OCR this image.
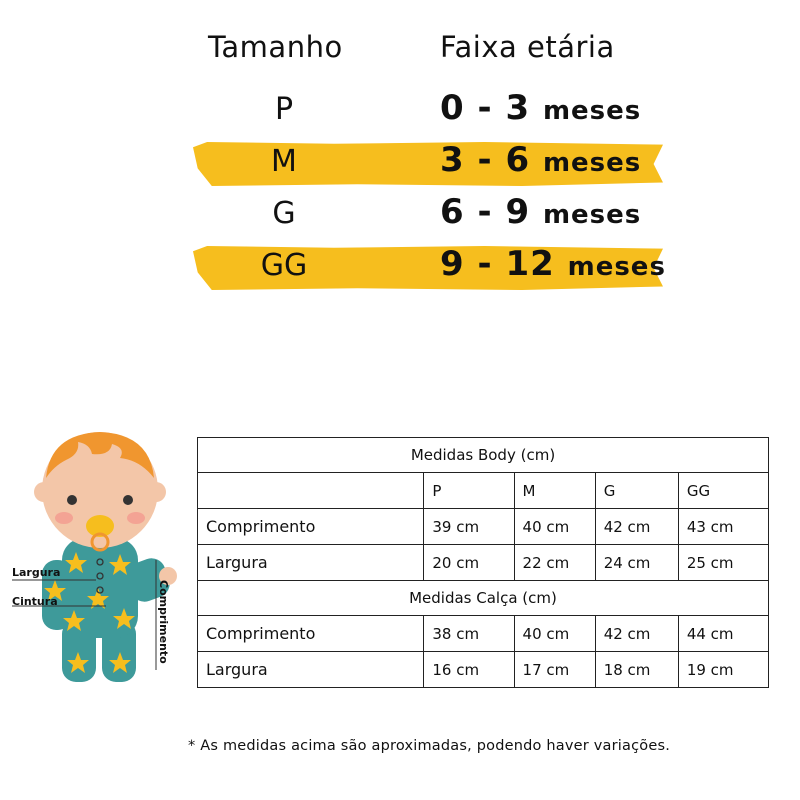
Tamanho	Faixa etária
P	0 - 3 meses
M	3 - 6 meses
G	6 - 9 meses
GG	9 - 12 meses
Largura
Cintura	Comprimento
Medidas Body (cm)				
	P	M	G	GG
Comprimento	39 cm	40 cm	42 cm	43 cm
Largura	20 cm	22 cm	24 cm	25 cm
Medidas Calça (cm)				
Comprimento	38 cm	40 cm	42 cm	44 cm
Largura	16 cm	17 cm	18 cm	19 cm
* As medidas acima são aproximadas, podendo haver variações.
